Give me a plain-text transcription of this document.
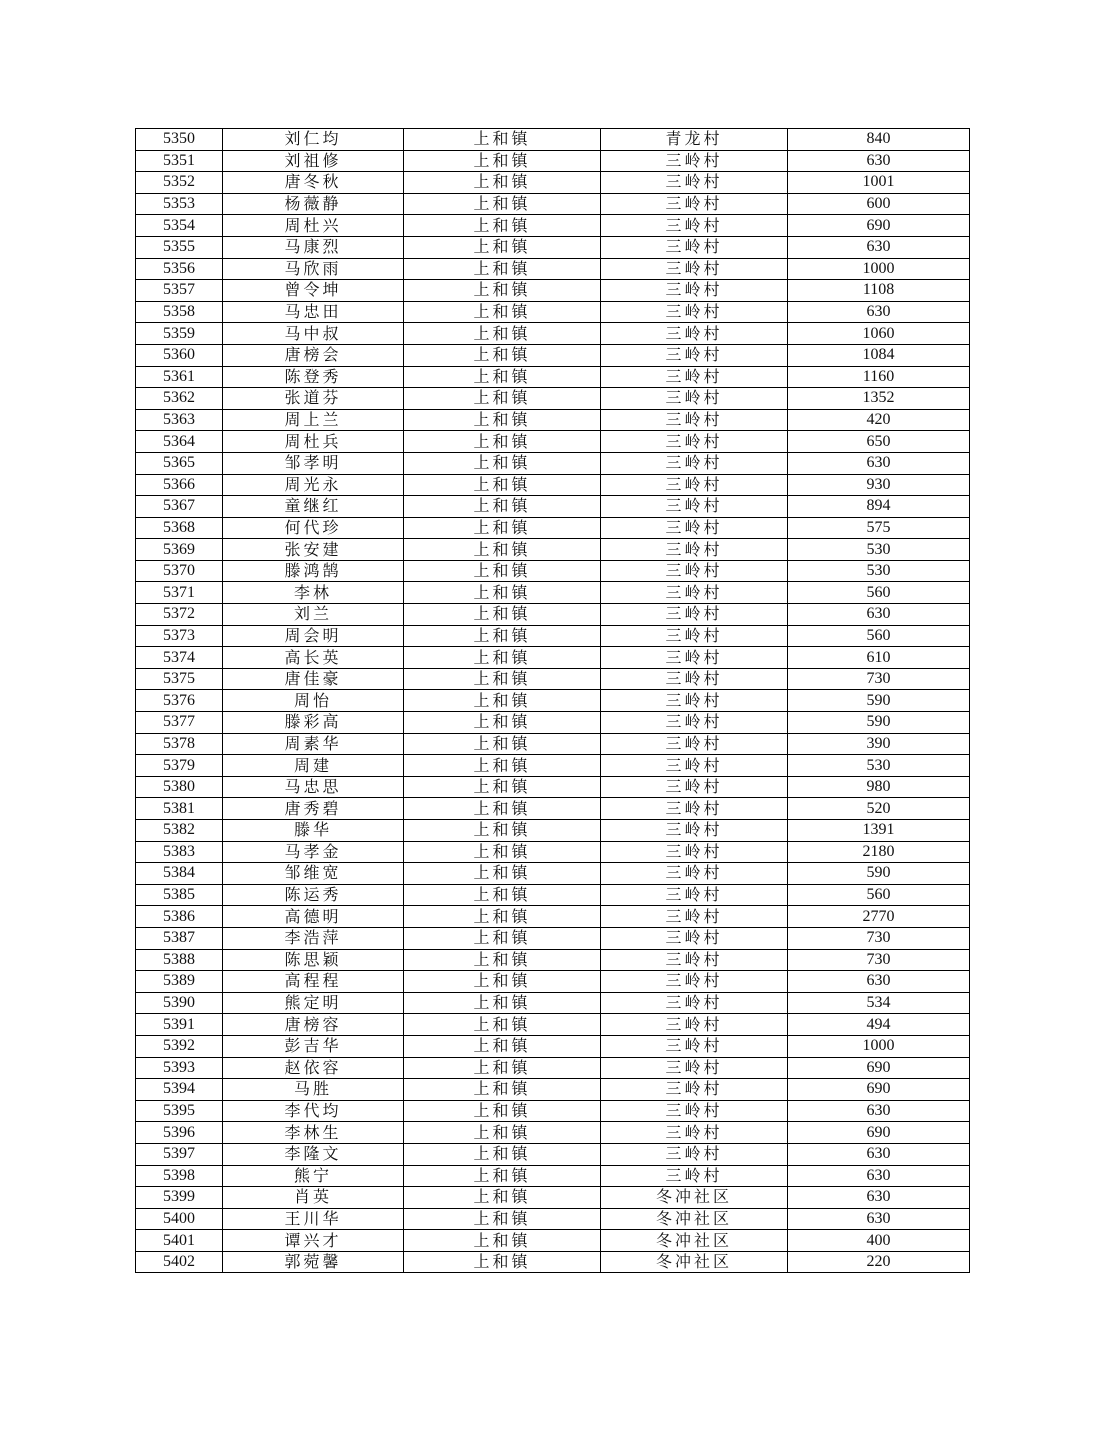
5350	刘仁均	上和镇	青龙村	840
5351	刘祖修	上和镇	三岭村	630
5352	唐冬秋	上和镇	三岭村	1001
5353	杨薇静	上和镇	三岭村	600
5354	周杜兴	上和镇	三岭村	690
5355	马康烈	上和镇	三岭村	630
5356	马欣雨	上和镇	三岭村	1000
5357	曾令坤	上和镇	三岭村	1108
5358	马忠田	上和镇	三岭村	630
5359	马中叔	上和镇	三岭村	1060
5360	唐榜会	上和镇	三岭村	1084
5361	陈登秀	上和镇	三岭村	1160
5362	张道芬	上和镇	三岭村	1352
5363	周上兰	上和镇	三岭村	420
5364	周杜兵	上和镇	三岭村	650
5365	邹孝明	上和镇	三岭村	630
5366	周光永	上和镇	三岭村	930
5367	童继红	上和镇	三岭村	894
5368	何代珍	上和镇	三岭村	575
5369	张安建	上和镇	三岭村	530
5370	滕鸿鹄	上和镇	三岭村	530
5371	李林	上和镇	三岭村	560
5372	刘兰	上和镇	三岭村	630
5373	周会明	上和镇	三岭村	560
5374	高长英	上和镇	三岭村	610
5375	唐佳豪	上和镇	三岭村	730
5376	周怡	上和镇	三岭村	590
5377	滕彩高	上和镇	三岭村	590
5378	周素华	上和镇	三岭村	390
5379	周建	上和镇	三岭村	530
5380	马忠思	上和镇	三岭村	980
5381	唐秀碧	上和镇	三岭村	520
5382	滕华	上和镇	三岭村	1391
5383	马孝金	上和镇	三岭村	2180
5384	邹维宽	上和镇	三岭村	590
5385	陈运秀	上和镇	三岭村	560
5386	高德明	上和镇	三岭村	2770
5387	李浩萍	上和镇	三岭村	730
5388	陈思颖	上和镇	三岭村	730
5389	高程程	上和镇	三岭村	630
5390	熊定明	上和镇	三岭村	534
5391	唐榜容	上和镇	三岭村	494
5392	彭吉华	上和镇	三岭村	1000
5393	赵依容	上和镇	三岭村	690
5394	马胜	上和镇	三岭村	690
5395	李代均	上和镇	三岭村	630
5396	李林生	上和镇	三岭村	690
5397	李隆文	上和镇	三岭村	630
5398	熊宁	上和镇	三岭村	630
5399	肖英	上和镇	冬冲社区	630
5400	王川华	上和镇	冬冲社区	630
5401	谭兴才	上和镇	冬冲社区	400
5402	郭菀馨	上和镇	冬冲社区	220
